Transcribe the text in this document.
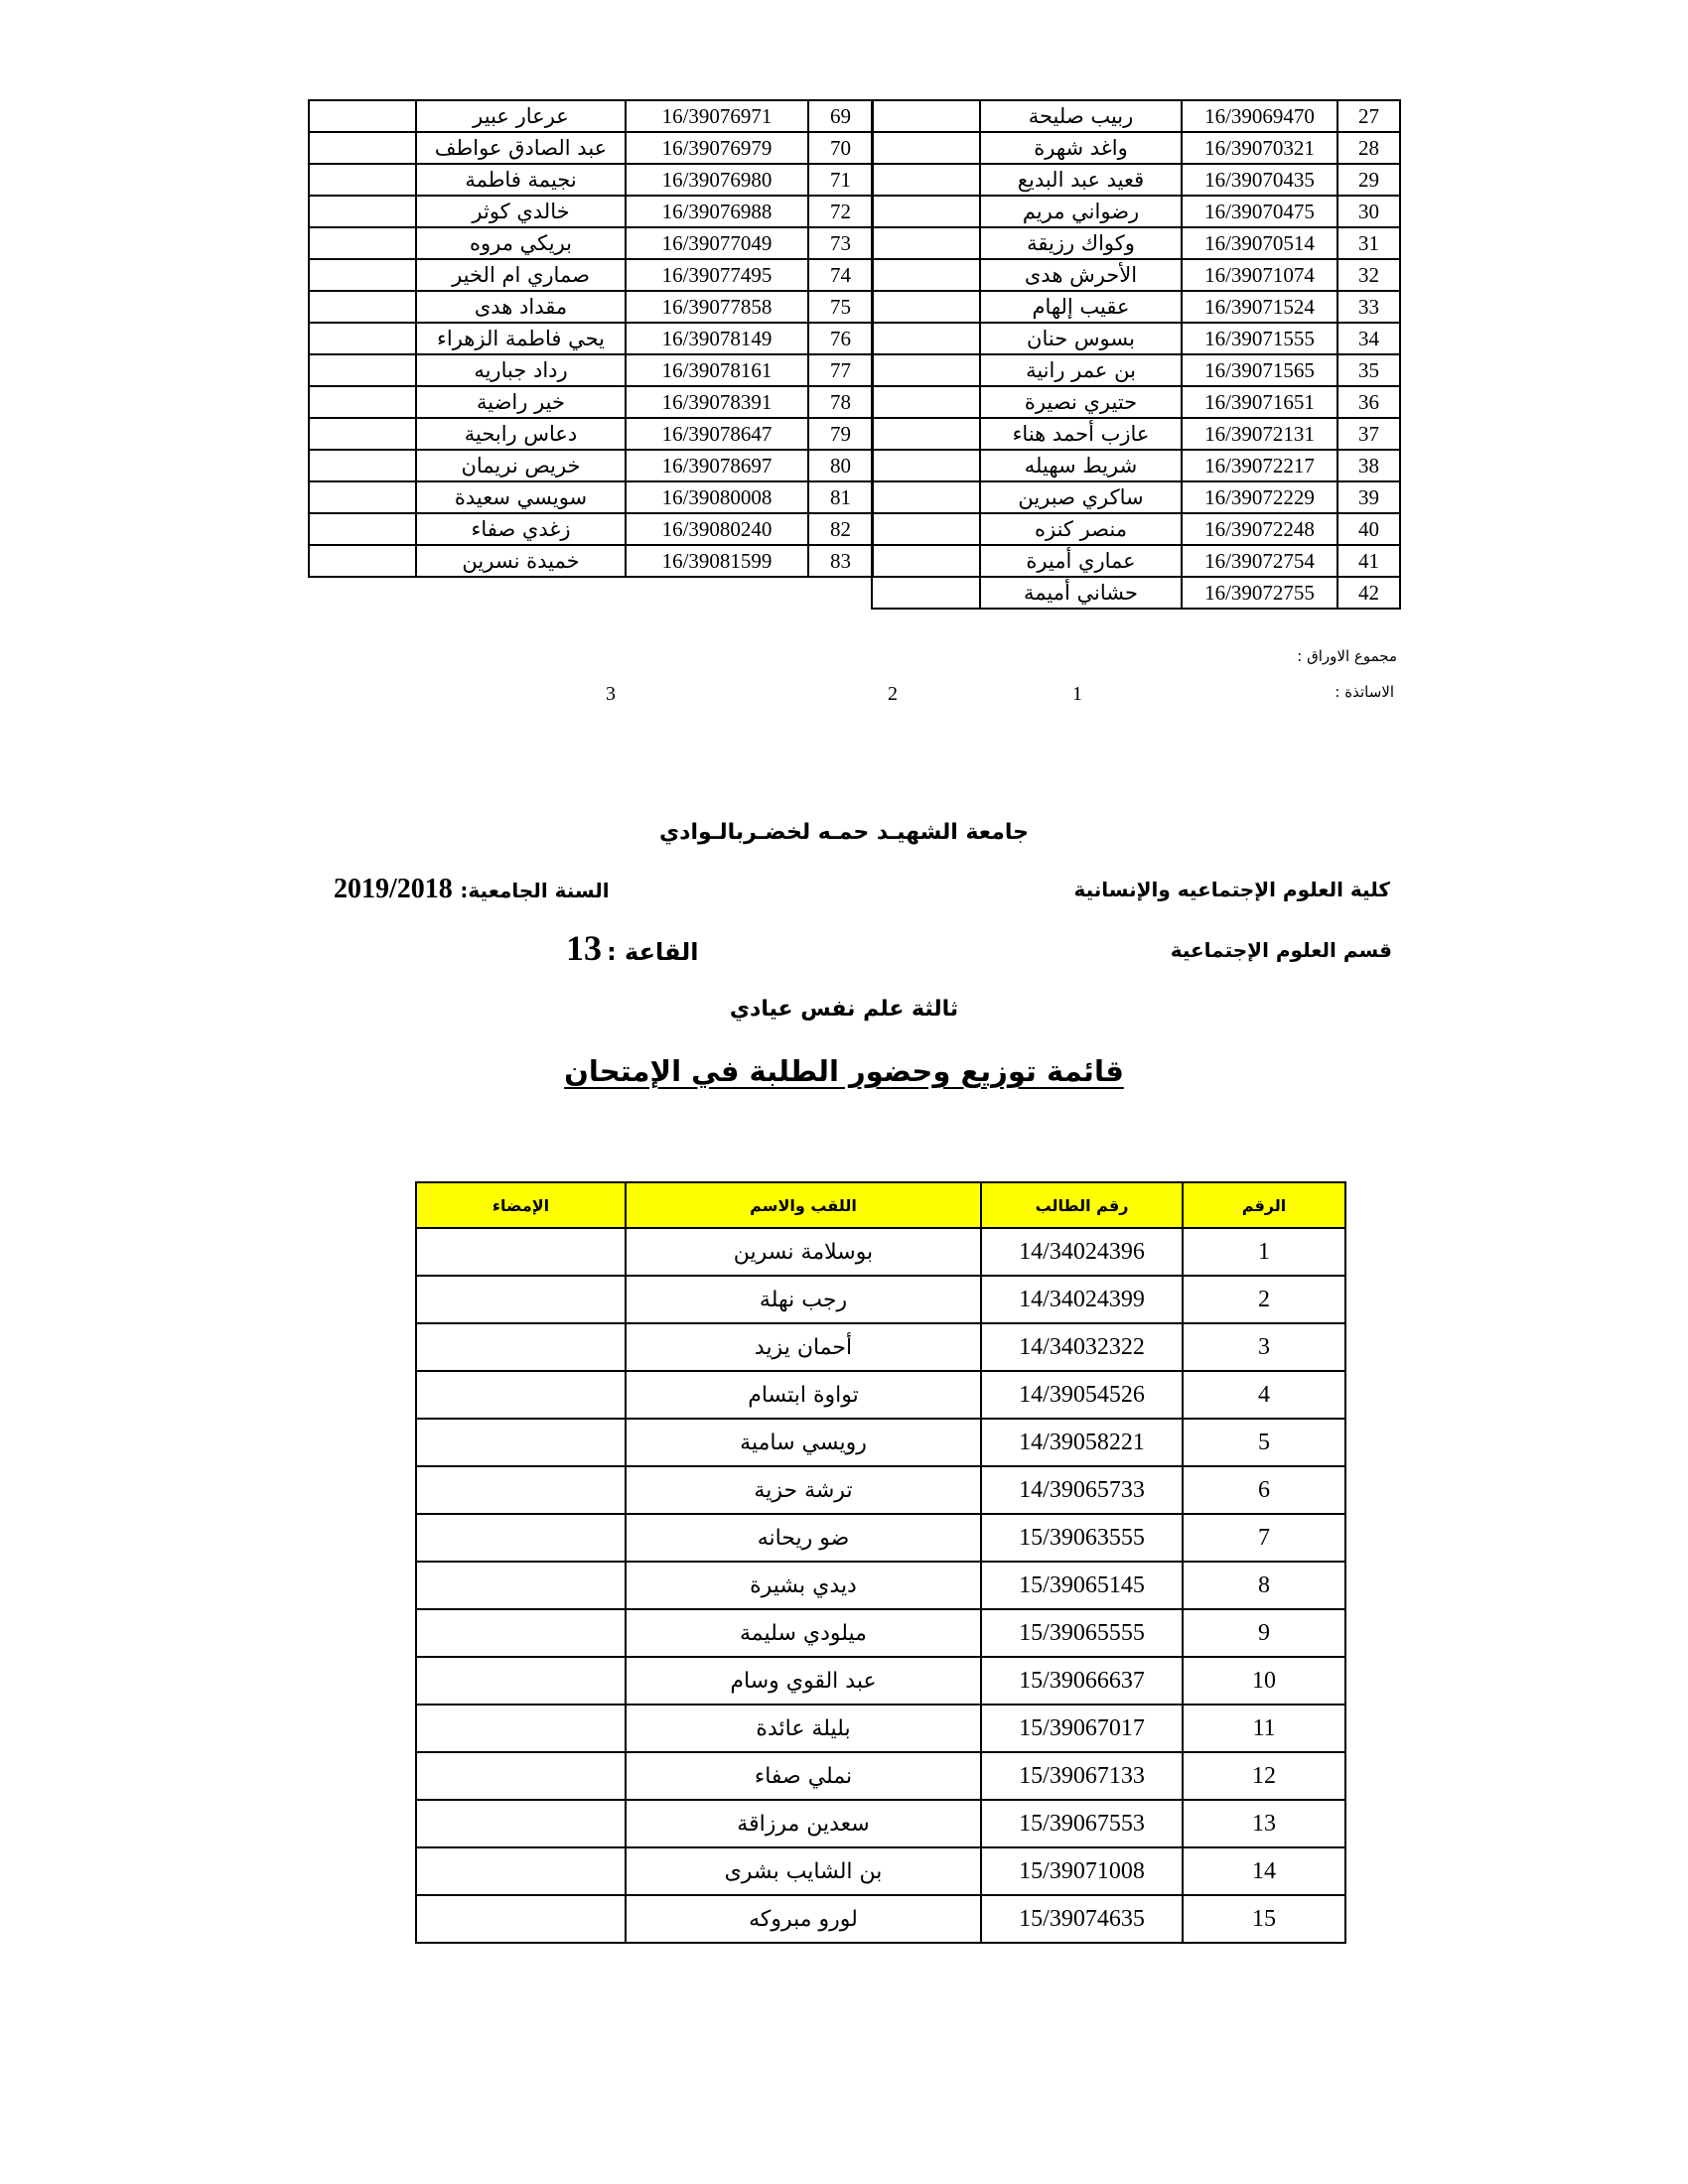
	ربيب صليحة	16/39069470	27
	واغد شهرة	16/39070321	28
	قعيد عبد البديع	16/39070435	29
	رضواني مريم	16/39070475	30
	وكواك رزيقة	16/39070514	31
	الأحرش هدى	16/39071074	32
	عقيب إلهام	16/39071524	33
	بسوس حنان	16/39071555	34
	بن عمر رانية	16/39071565	35
	حتيري نصيرة	16/39071651	36
	عازب أحمد هناء	16/39072131	37
	شريط سهيله	16/39072217	38
	ساكري صبرين	16/39072229	39
	منصر كنزه	16/39072248	40
	عماري أميرة	16/39072754	41
	حشاني أميمة	16/39072755	42
	عرعار عبير	16/39076971	69
	عبد الصادق عواطف	16/39076979	70
	نجيمة فاطمة	16/39076980	71
	خالدي كوثر	16/39076988	72
	بريكي مروه	16/39077049	73
	صماري ام الخير	16/39077495	74
	مقداد هدى	16/39077858	75
	يحي فاطمة الزهراء	16/39078149	76
	رداد جباريه	16/39078161	77
	خير راضية	16/39078391	78
	دعاس رابحية	16/39078647	79
	خريص نريمان	16/39078697	80
	سويسي سعيدة	16/39080008	81
	زغدي صفاء	16/39080240	82
	خميدة نسرين	16/39081599	83
مجموع الاوراق :
الاساتذة :
1
2
3
جامعة الشهيـد حمـه لخضـربالـوادي
كلية العلوم الإجتماعيه والإنسانية
السنة الجامعية: 2019/2018
قسم العلوم الإجتماعية
القاعة : 13
ثالثة علم نفس عيادي
قائمة توزيع وحضور الطلبة في الإمتحان
الإمضاء	اللقب والاسم	رقم الطالب	الرقم
	بوسلامة نسرين	14/34024396	1
	رجب نهلة	14/34024399	2
	أحمان يزيد	14/34032322	3
	تواوة ابتسام	14/39054526	4
	رويسي سامية	14/39058221	5
	ترشة حزية	14/39065733	6
	ضو ريحانه	15/39063555	7
	ديدي بشيرة	15/39065145	8
	ميلودي سليمة	15/39065555	9
	عبد القوي وسام	15/39066637	10
	بليلة عائدة	15/39067017	11
	نملي صفاء	15/39067133	12
	سعدين مرزاقة	15/39067553	13
	بن الشايب بشرى	15/39071008	14
	لورو مبروكه	15/39074635	15
